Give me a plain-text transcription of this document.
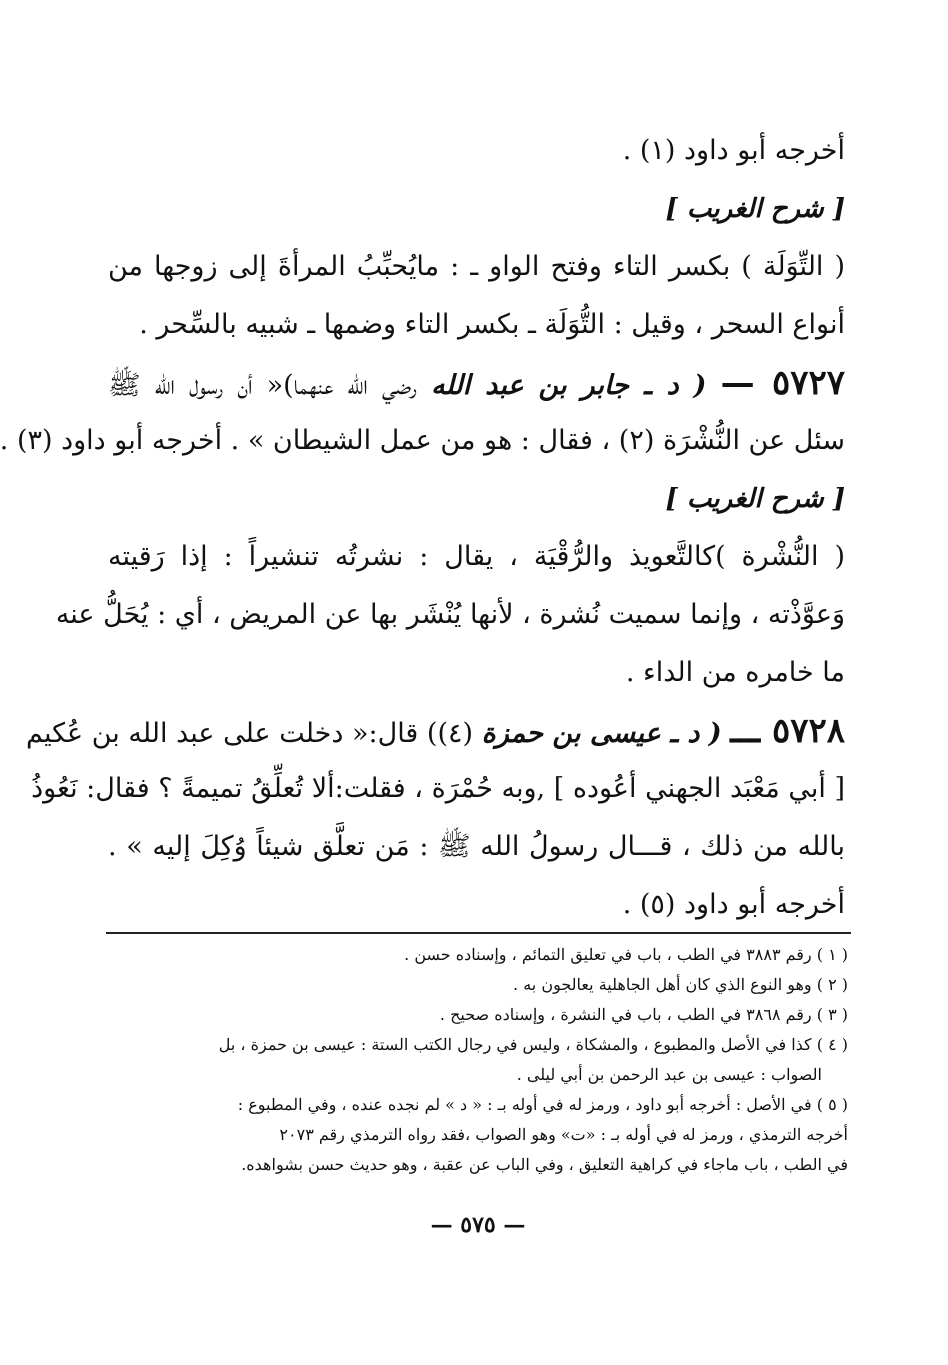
أخرجه أبو داود (١) .
[ شرح الغريب ]
( التِّوَلَة ) بكسر التاء وفتح الواو ـ : مايُحبِّبُ المرأةَ إلى زوجها من
أنواع السحر ، وقيل : التُّوَلَة ـ بكسر التاء وضمها ـ شبيه بالسِّحر .
٥٧٢٧ — ( د ـ جابر بن عبد الله رضي الله عنهما)« أن رسول الله ﷺ
سئل عن النُّشْرَة (٢) ، فقال : هو من عمل الشيطان » . أخرجه أبو داود (٣) .
[ شرح الغريب ]
( النُّشْرة )كالتَّعويذ والرُّقْيَة ، يقال : نشرتُه تنشيراً : إذا رَقيته
وَعوَّذْته ، وإنما سميت نُشرة ، لأنها يُنْشَر بها عن المريض ، أي : يُحَلُّ عنه
ما خامره من الداء .
٥٧٢٨ ـــ ( د ـ عيسى بن حمزة (٤)) قال:« دخلت على عبد الله بن عُكيم
[ أبي مَعْبَد الجهني أعُوده ] ,وبه حُمْرَة ، فقلت:ألا تُعلِّقُ تميمةً ؟ فقال: نَعُوذُ
بالله من ذلك ، قـــال رسولُ الله ﷺ : مَن تعلَّق شيئاً وُكِلَ إليه » .
أخرجه أبو داود (٥) .
( ١ ) رقم ٣٨٨٣ في الطب ، باب في تعليق التمائم ، وإسناده حسن .
( ٢ ) وهو النوع الذي كان أهل الجاهلية يعالجون به .
( ٣ ) رقم ٣٨٦٨ في الطب ، باب في النشرة ، وإسناده صحيح .
( ٤ ) كذا في الأصل والمطبوع ، والمشكاة ، وليس في رجال الكتب الستة : عيسى بن حمزة ، بل
الصواب : عيسى بن عبد الرحمن بن أبي ليلى .
( ٥ ) في الأصل : أخرجه أبو داود ، ورمز له في أوله بـ : « د » لم نجده عنده ، وفي المطبوع :
أخرجه الترمذي ، ورمز له في أوله بـ : «ت» وهو الصواب ،فقد رواه الترمذي رقم ٢٠٧٣
في الطب ، باب ماجاء في كراهية التعليق ، وفي الباب عن عقبة ، وهو حديث حسن بشواهده.
— ٥٧٥ —
